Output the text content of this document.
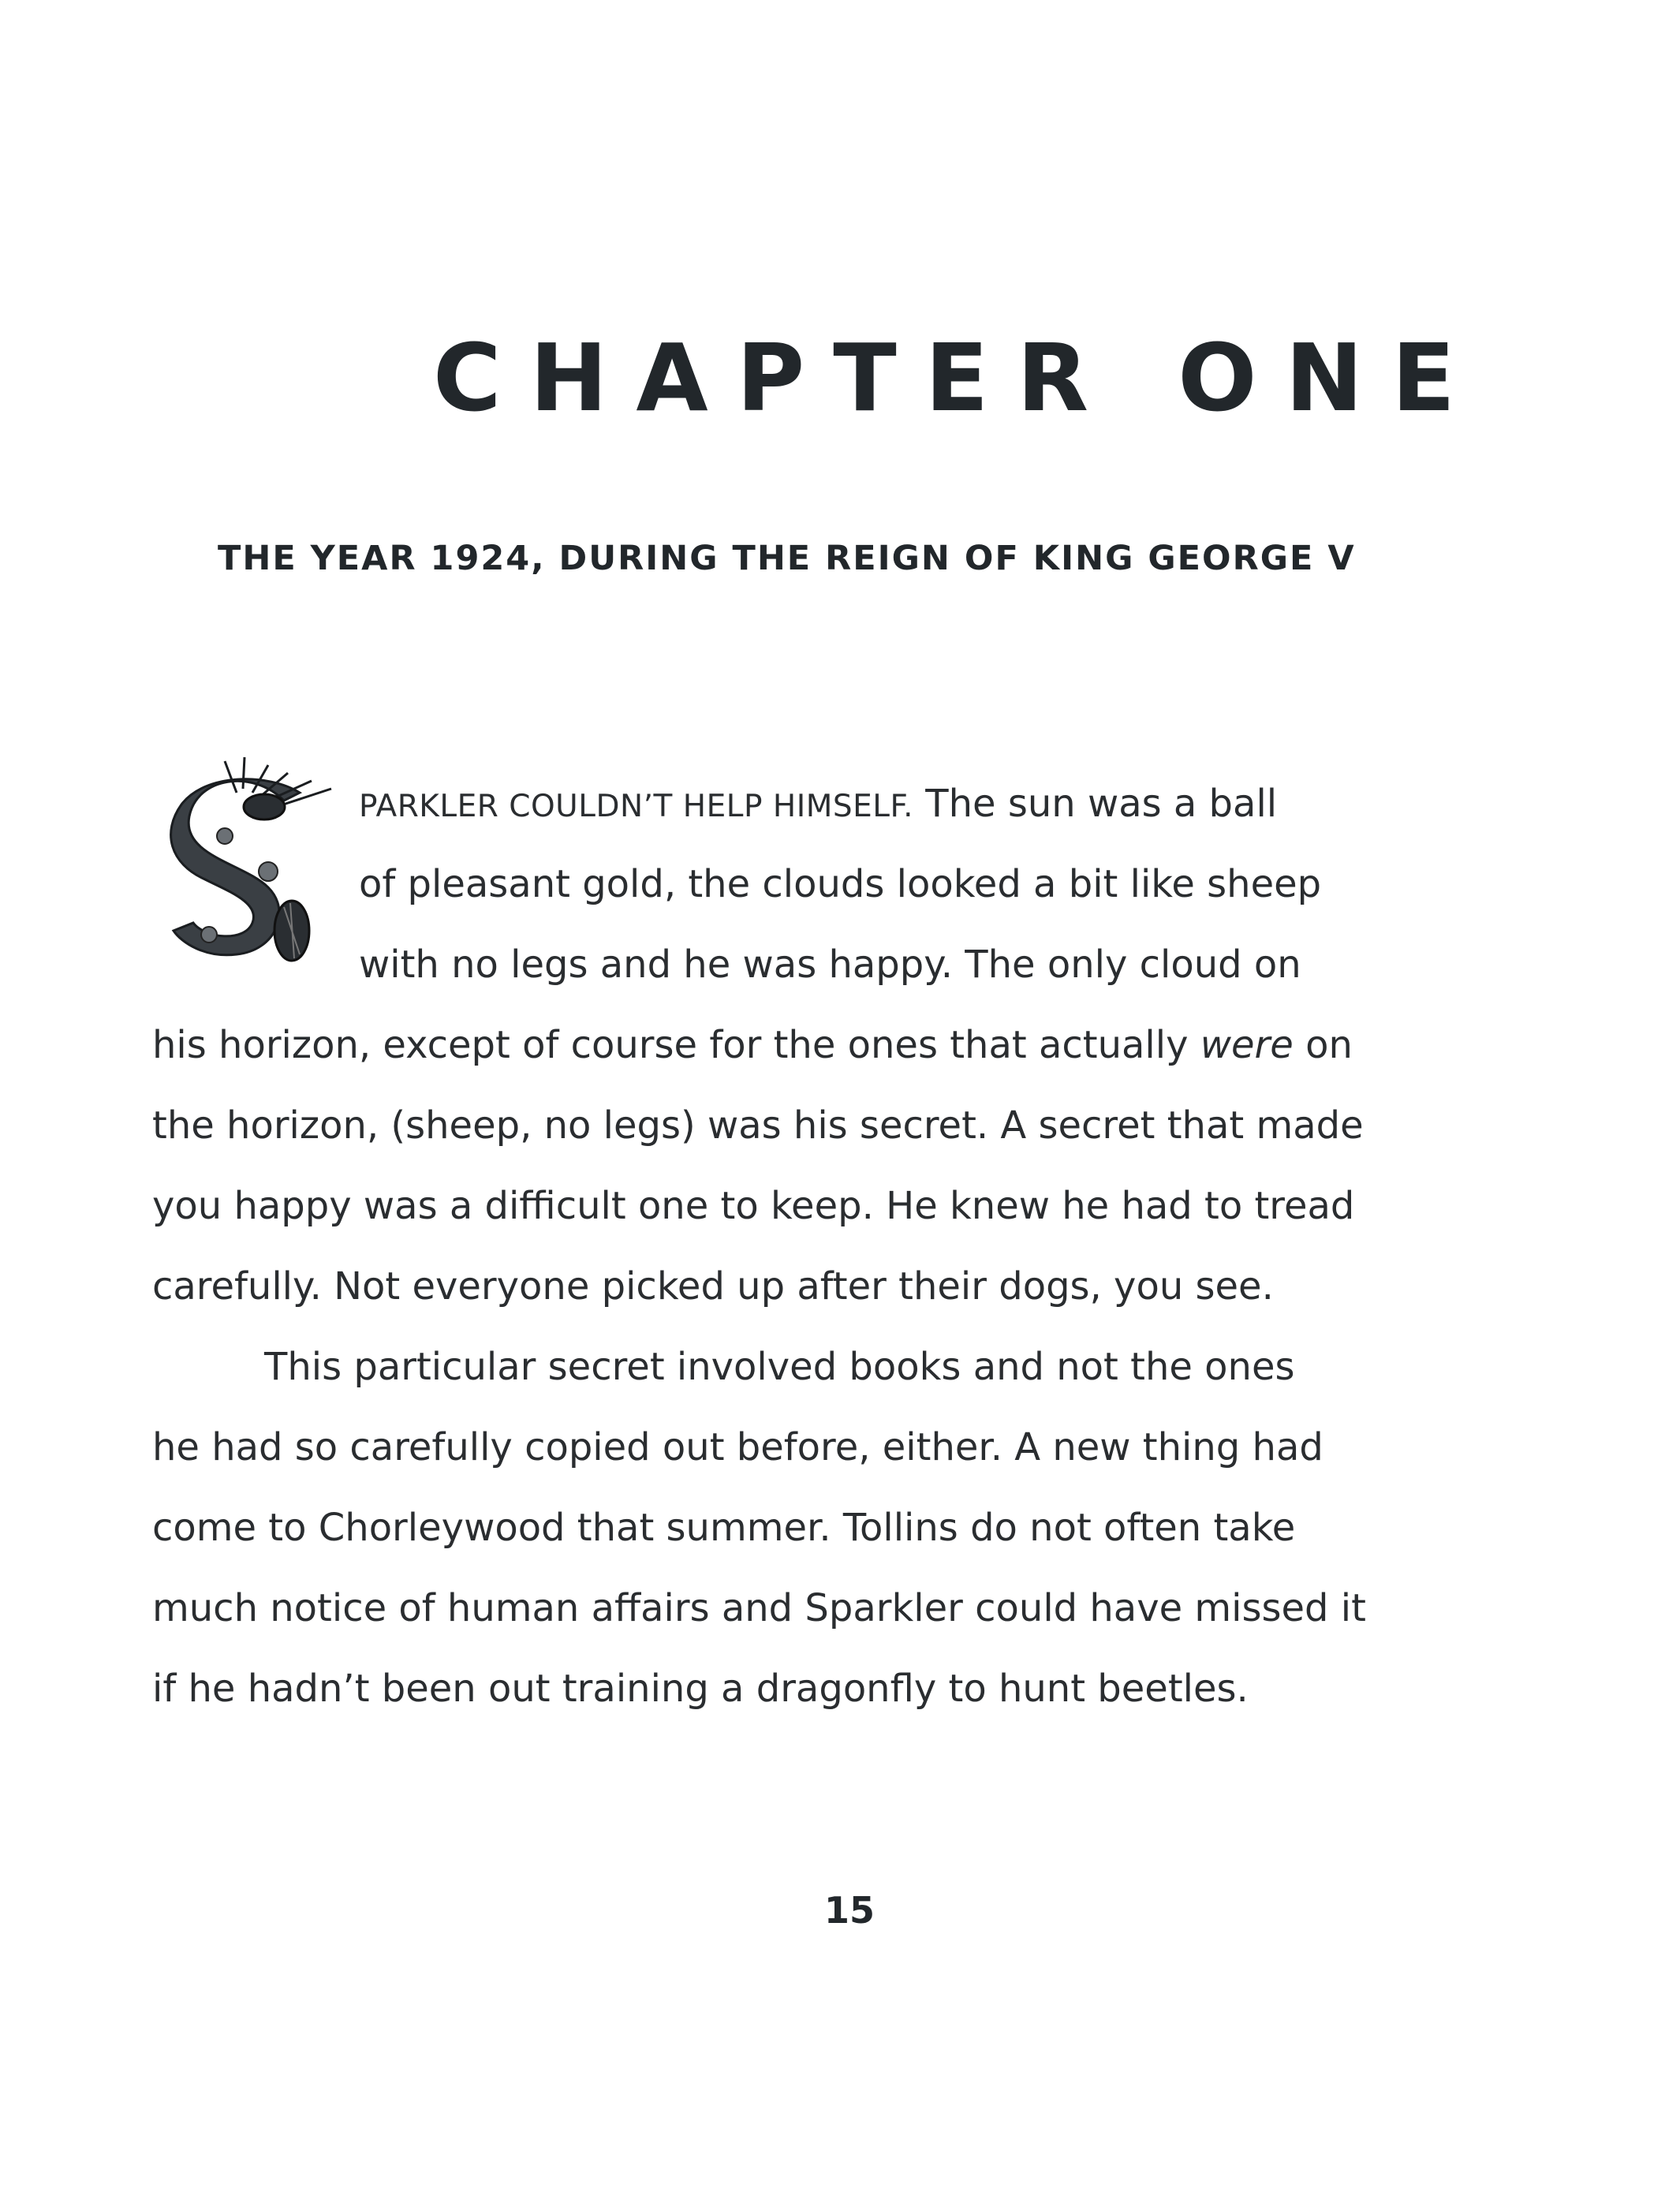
CHAPTER ONE
THE YEAR 1924, DURING THE REIGN OF KING GEORGE V
PARKLER COULDN’T HELP HIMSELF. The sun was a ball
of pleasant gold, the clouds looked a bit like sheep
with no legs and he was happy. The only cloud on
his horizon, except of course for the ones that actually were on
the horizon, (sheep, no legs) was his secret. A secret that made
you happy was a difficult one to keep. He knew he had to tread
carefully. Not everyone picked up after their dogs, you see.
This particular secret involved books and not the ones
he had so carefully copied out before, either. A new thing had
come to Chorleywood that summer. Tollins do not often take
much notice of human affairs and Sparkler could have missed it
if he hadn’t been out training a dragonfly to hunt beetles.
15
